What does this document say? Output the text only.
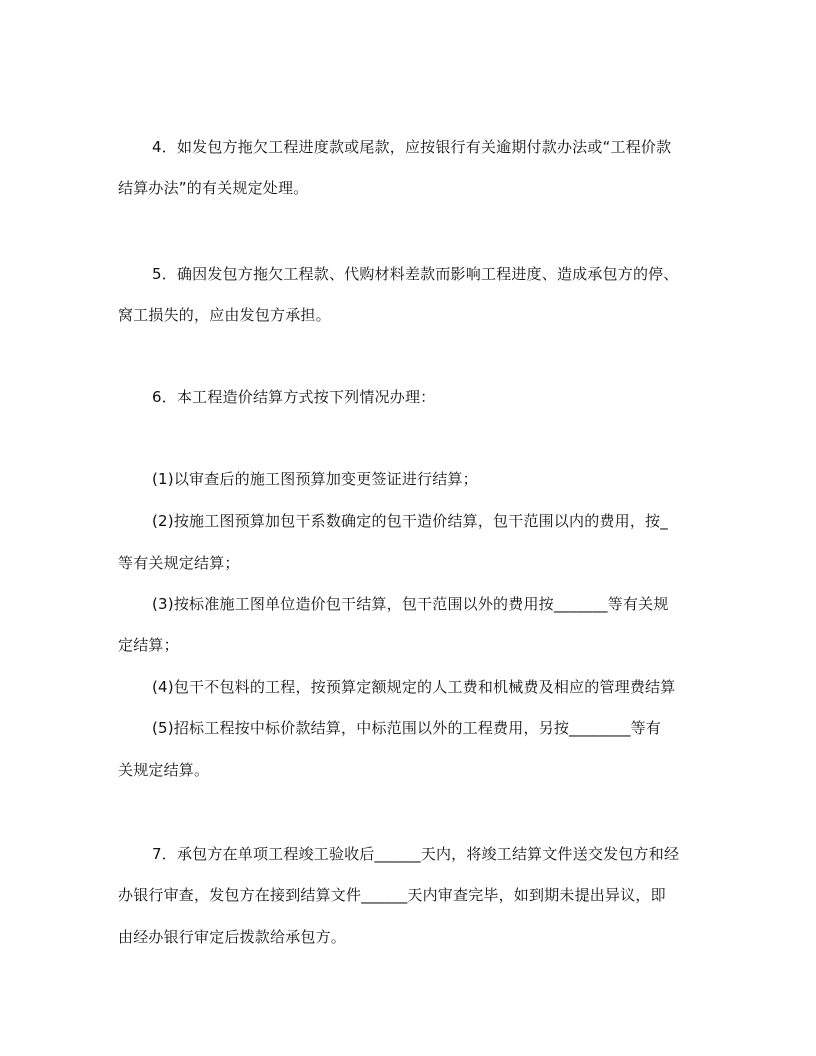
4．如发包方拖欠工程进度款或尾款，应按银行有关逾期付款办法或“工程价款

结算办法”的有关规定处理。

5．确因发包方拖欠工程款、代购材料差款而影响工程进度、造成承包方的停、

窝工损失的，应由发包方承担。

6．本工程造价结算方式按下列情况办理：

(1)以审查后的施工图预算加变更签证进行结算；

(2)按施工图预算加包干系数确定的包干造价结算，包干范围以内的费用，按_

等有关规定结算；

(3)按标准施工图单位造价包干结算，包干范围以外的费用按_______等有关规

定结算；

(4)包干不包料的工程，按预算定额规定的人工费和机械费及相应的管理费结算

(5)招标工程按中标价款结算，中标范围以外的工程费用，另按________等有

关规定结算。

7．承包方在单项工程竣工验收后______天内，将竣工结算文件送交发包方和经

办银行审查，发包方在接到结算文件______天内审查完毕，如到期未提出异议，即

由经办银行审定后拨款给承包方。
